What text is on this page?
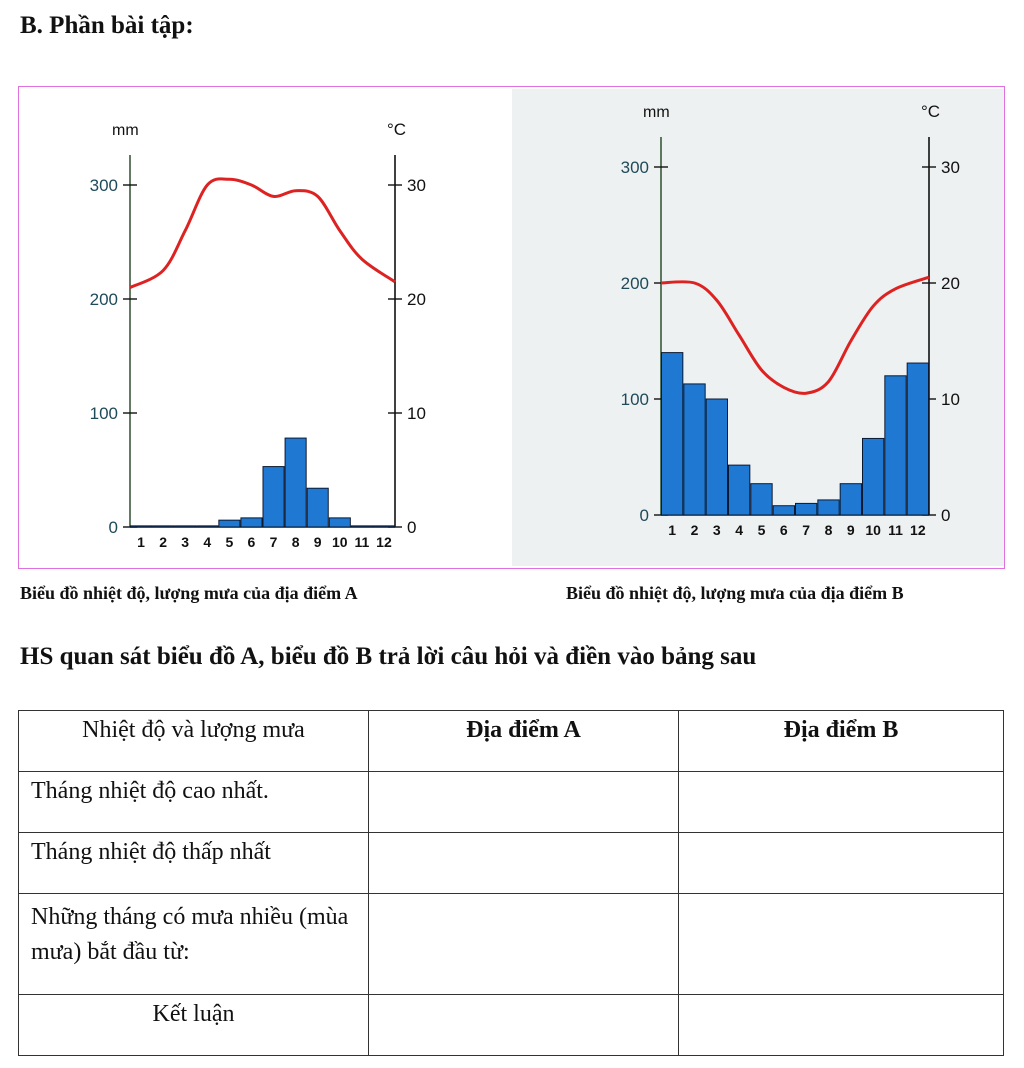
B. Phần bài tập:
mm	°C
300
200
100
0
30
20
10
0
1 2 3 4 5 6 7 8 9 10 11 12
mm	°C
300
200
100
0
30
20
10
0
1 2 3 4 5 6 7 8 9 10 11 12
Biểu đồ nhiệt độ, lượng mưa của địa điểm A	Biểu đồ nhiệt độ, lượng mưa của địa điểm B
HS quan sát biểu đồ A, biểu đồ B trả lời câu hỏi và điền vào bảng sau
Nhiệt độ và lượng mưa	Địa điểm A	Địa điểm B
Tháng nhiệt độ cao nhất.		
Tháng nhiệt độ thấp nhất		
Những tháng có mưa nhiều (mùa mưa) bắt đầu từ:		
Kết luận		
